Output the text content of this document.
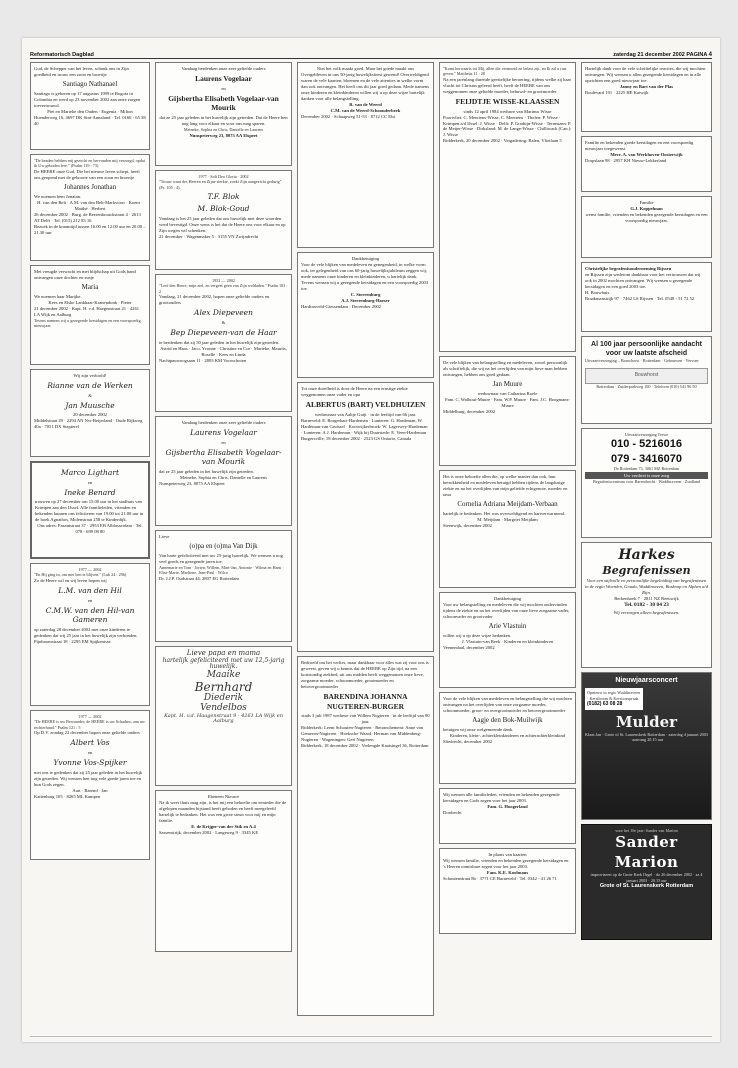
Reformatorisch Dagblad	zaterdag 21 december 2002 PAGINA 4
God, de Schepper van het leven, schonk ons in Zijn goedheid en trouw een zoon en broertje
Santiago Nathanael
Santiago is geboren op 17 augustus 1999 te Bogota in Colombia en werd op 23 november 2002 aan onze zorgen toevertrouwd.
Piet en Marieke den Ouden · Eugenia · Milton
Hoenderweg 16, 4697 DK Sint-Annaland · Tel. 0166 - 65 38 40
"De beaden hebben mij gezocht en hervonden mij verzorgd, opdat ik Uw geboden lere." (Psalm 119 : 73)
De HEERE onze God, Die het nieuwe leven schept, heeft ons geopend met de geboorte van een zoon en broertje
Johannes Jonathan
We noemen hem Jonatan.
H. van den Belt · A.M. van den Belt-Markvoort · Koenr · Matthé · Herbert
26 december 2002 · Burg. de Beerenbrouckstraat 4 · 2613 AT Delft · Tel. (015) 212 83 16
Bezoek in de kraamtijd tussen 16.00 en 12.00 uur en 20.00 – 21.30 uur
Met vreugde verwacht en met blijdschap uit Gods hand ontvangen onze dochter en zusje
Maria
We noemen haar Marijke.
Kees en Elske Lankhaar-Kranendonk · Pieter
21 december 2002 · Kapt. H. v.d. Haegenstraat 21 · 4261 LA Wijk en Aalburg
Tevens namens wij u gezegende kerstdagen en een voorspoedig nieuwjaar.
Wij zijn verloofd!
Rianne van de Werken
&
Jan Muusche
20 december 2002
Middelstraat 29 · 2294 AN Nw-Beijerland · Oude Rijkweg 40a · 7051 DX Stapterel
Marco Ligthart
en
Ineke Benard
trouwen op 27 december om 15.00 uur in het stadhuis van Krimpen aan den IJssel. Alle familieleden, vrienden en bekenden kunnen ons feliciteren van 19.00 tot 21.00 uur in de hoek Agnathos, Molenstraat 258 te Kinderdijk.
Ons adres: Fazantstraat 37 · 2953 EB Alblasserdam · Tel. 078 - 699 08 80
1977 — 2002
"En Hij ging in, om met hen te blijven." (Luk 24 : 29b)
Zo de Heere wil en wij leven hopen wij
L.M. van den Hil
en
C.M.W. van den Hil-van Gameren
op zaterdag 28 december 2002 met onze kinderen te gedenken dat wij 25 jaar in het huwelijk zijn verbonden.
Pijnboomstraat 18 · 2295 EM Spijkenisse
1977 — 2002
"De HEERE is uw Bewaarder, de HEERE is uw Schaduw, aan uw rechterhand." Psalm 121 : 5
Op D.V. zondag 22 december hopen onze geliefde ouders
Albert Vos
en
Yvonne Vos-Spijker
met ons te gedenken dat zij 25 jaar geleden in het huwelijk zijn getreden. Wij wensen hen nog vele goede jaren toe en hun Gods zegen.
Aart · Barend · Jan
Kattenburg 105 · 8265 ML Kampen
Vandaag herdenken onze zeer geliefde ouders
Laurens Vogelaar
en
Gijsbertha Elisabeth Vogelaar-van Mourik
dat ze 25 jaar geleden in het huwelijk zijn getreden. Dat de Heere hen nog lang voor elkaar en voor ons mag sparen.
Meineke, Sophia en Chris, Danielle en Laurens
Nunspeterweg 23, 8075 AA Elspeet
1977 · Soli Deo Gloria · 2002
"Trouw want des Heeren en Zijne sterkte, zoekt Zijn aangezicht gedurig" (Ps. 105 : 4)
T.F. Blok
M. Blok-Goud
Vandaag is het 25 jaar geleden dat ons huwelijk met deze woorden werd bevestigd. Onze wens is het dat de Heere ons voor elkaar en op Zijn wegen wil schenken.
21 december · Wagenmaker 5 · 3155 VN Zwijndrecht
1952 — 2002
"Leef den Heere, mijn ziel, en vergeet geen van Zijn weldaden." Psalm 103 : 2
Vandaag, 21 december 2002, hopen onze geliefde ouders en grootouders
Alex Diepeveen
&
Bep Diepeveen-van de Haar
te herdenken dat zij 50 jaar geleden in het huwelijk zijn getreden.
Astrid en Hans · Jaco, Yvonne · Christine en Cor · Marieke, Maurits, Roselle · Kees en Linda
Nachtpauwoogsaan 11 · 2803 KM Voorschoten
Vandaag herdenken onze zeer geliefde ouders
Laurens Vogelaar
en
Gijsbertha Elisabeth Vogelaar-van Mourik
dat ze 25 jaar geleden in het huwelijk zijn getreden.
Meineke, Sophia en Chris, Danielle en Laurens
Nunspeterweg 23, 8075 AA Elspeet
Lieve
(o)pa en (o)ma Van Dijk
Van harte gefeliciteerd met uw 25-jarig huwelijk. We wensen u nog veel goeds en gezegende jaren toe.
Annemarie en Tom · Jorien, Willem, Mart-Jan, Antonie · Wilma en Hans · Elise-Marie, Marliene, Jean-Paul · Wilco
Dr. J.J.P. Oudstraat 44, 2807 EG Rotterdam
Lieve papa en mama
hartelijk gefeliciteerd met uw 12,5-jarig huwelijk.
Maaike
Bernhard
Diederik
Vendelbos
Kapt. H. v.d. Haagenstraat 9 · 4261 LA Wijk en Aalburg
Ebeneen Nieuwe
Na ik weer thuis mag zijn, is het mij een behoefte om eenieder die de afgelopen maanden bijstand heeft geboden en heeft meegeleefd hartelijk te bedanken. Het was een grote steun voor mij en mijn familie.
E. de Krijger-van der Stik en A.4
Sassenstrijk, december 2002 · Langeweg 9 · 3345 KE
Niet het volk maakt goed, Maar het goede maakt ons
Overgebleven in ons 50-jarig huwelijksfeest gewend! Overweldigend waren de vele kaarten, bloemen en de vele attenties in welke vorm dan ook ontvangen. Het heeft ons dit jaar goed gedaan. Mede namens onze kinderen en kleinkinderen willen wij u op deze wijze hartelijk danken voor alle belangstelling.
R. van de Weerd
C.M. van de Weerd-Schoonderbeek
December 2002 · Schaapweg 51-53 · 8712 CC Elst
Dankbetuiging
Voor de vele blijken van medeleven en genegenheid, in welke vorm ook, ter gelegenheid van ons 60-jarig huwelijksjubileum zeggen wij, mede namens onze kinderen en kleinkinderen, u hartelijk dank. Tevens wensen wij u gezegende kerstdagen en een voorspoedig 2003 toe.
C. Sterrenburg
A.J. Sterrenburg-Haeser
Hardinxveld-Giessendam · December 2002
Tot onze droefheid is door de Heere na een ernstige ziekte weggenomen onze vader en opa
ALBERTUS (BART) VELDHUIZEN
weduwnaar van Aaltje Guijt · in de leeftijd van 66 jaar.
Barneveld: E. Borgerhart-Hardeman · Lunteren: G. Hardeman, W. Hardeman-van Gruissel · Kootwijkerbroek: W. Lagerwey-Hardeman · Lunteren: A.J. Hardeman · Wijk bij Duurstede: E. Veen-Hardeman
Burgersville, 18 december 2002 · 2523 GS Ontario, Canada
Bedroefd om het verlies, maar dankbaar voor alles wat zij voor ons is geweest, geven wij u kennis dat de HEERE op Zijn tijd, na een kortstondig ziekbed, uit ons midden heeft weggenomen onze lieve, zorgzame moeder, schoonmoeder, grootmoeder en betovergrootmoeder
BARENDINA JOHANNA NUGTEREN-BURGER
sinds 3 juli 1987 weduwe van Willem Nugteren · in de leeftijd van 90 jaar.
Ridderkerk: Leeni Schouten-Nugteren · Retranchement: Anne van Gemeren-Nugteren · Hoeksche Waard: Herman van Middenberg-Nugteren · Wageningen: Gert Nugteren
Ridderkerk, 18 december 2002 · Verlengde Kaatsingel 36, Rotterdam
"Komt herwaarts tot Mij, allen die vermoeid en belast zijt, en Ik zal u rust geven." Mattheüs 11 : 28
Na een jarenlang durende geestelijke beroering, tijdens welke zij haar vlucht tot Christus geleerd heeft, heeft de HEERE van ons weggenomen onze geliefde moeder, behuwd- en grootmoeder
FEIJDTJE WISSE-KLAASSEN
sinds 12 april 1984 weduwe van Marinus Wisse
Poortvliet: C. Meertens-Wisse, C. Meertens · Tholen: P. Wisse · Krimpen a/d IJssel: J. Wisse · Delft: P. Gradtijn-Wisse · Terneuzen: P. de Meijer-Wisse · Dirksland: M. de Lange-Wisse · Chilliwack (Can.): J. Wisse
Ridderkerk, 20 december 2002 · Vergadering: Balen, Vlietlaan 5
De vele blijken van belangstelling en medeleven, zowel persoonlijk als schriftelijk, die wij na het overlijden van mijn lieve man hebben ontvangen, hebben ons goed gedaan.
Jan Muure
weduwnaar van Catharina Roele
Fam. C. Walhout-Muure · Fam. W.P. Muure · Fam. J.C. Hoogmans-Muure
Middelburg, december 2002
Het is onze behoefte allen die, op welke manier dan ook, hun betrokkenheid en medeleven betuigd hebben tijdens de langdurige ziekte en na het overlijden van mijn geliefde echtgenote, moeder en oma
Cornelia Adriana Meijdam-Verbaan
hartelijk te bedanken. Het was overweldigend en hartverwarmend.
M. Meijdam · Margriet Meijdam
Steenwijk, december 2002
Dankbetuiging
Voor uw belangstelling en medeleven die wij mochten ondervinden tijdens de ziekte en na het overlijden van onze lieve zorgzame vader, schoonvader en grootvader
Arie Vlastuin
willen wij u op deze wijze bedanken.
J. Vlastuin-van Beek · Kinderen en kleinkinderen
Veenendaal, december 2002
Voor de vele blijken van medeleven en belangstelling die wij mochten ontvangen na het overlijden van onze zorgzame moeder, schoonmoeder, groot- en overgrootmoeder en betovergrootmoeder
Aagje den Bok-Muilwijk
betuigen wij onze welgemeende dank.
Kinderen, klein-, achterkleinkinderen en achterachterkleinkind
Sliedrecht, december 2002
Wij wensen alle familieleden, vrienden en bekenden gezegende kerstdagen en Gods zegen voor het jaar 2003.
Fam. G. Hoogerland
Dordrecht
In plaats van kaarten
Wij wensen familie, vrienden en bekenden gezegende kerstdagen en 's Heeren onmisbare zegen voor het jaar 2003.
Fam. K.E. Koolmans
Schoutenstraat 8b · 3771 CE Barneveld · Tel. 0342 - 41 26 71
Hartelijk dank voor de vele schriftelijke reacties, die wij mochten ontvangen. Wij wensen u allen gezegende kerstdagen en in alle opzichten een goed nieuwjaar toe.
Janny en Bart van der Plas
Boulevard 101 · 2225 HE Katwijk
Familie en bekenden goede kerstdagen en een voorspoedig nieuwjaar toegewenst.
Mevr. A. van Werkhoven-Oosterwijk
Dorpslaan 98 · 2957 KH Nieuw-Lekkerland
Familie
G.J. Koppelman
wenst familie, vrienden en bekenden gezegende kerstdagen en een voorspoedig nieuwjaar.
Christelijke begrafenisonderneming Rijssen
en Rijssen zijn wederom dankbaar voor het vertrouwen dat wij ook in 2002 mochten ontvangen. Wij wensen u gezegende kerstdagen en een goed 2003 toe.
H. Bouwhuis
Braakmanstrijk 97 · 7462 LS Rijssen · Tel. 0548 - 51 72 52
Al 100 jaar persoonlijke aandacht voor uw laatste afscheid
Uitvaartverzorging – Bouwhorst · Rotterdam · Gebouwen · Vervoer
Bouwhorst
Rotterdam · Zuiderparkweg 100 · Telefoon (010) 541 96 50
Uitvaartverzorging Terwe
010 - 5216016
079 - 3416070
De Rotterdam 73, 3061 MZ Rotterdam
Uw verdriet is onze zorg
Begrafeniscentrum voor Barendrecht · Waddinxveen · Zuidland
Harkes
Begrafenissen
Voor een stijlvolle en persoonlijke begeleiding van begrafenissen in de regio Woerden, Gouda, Waddinxveen, Boskoop en Alphen a/d Rijn.
Berkenhoek 7 · 2811 NZ Reeuwijk
Tel. 0182 - 30 04 23
Wij verzorgen alleen begrafenissen.
Nieuwjaarsconcert
Opnieuw in regio Waddinxveen · Kerstboom & Kersttoespraak
(0182) 63 08 28
Mulder
Klaas Jan · Grote of St. Laurenskerk Rotterdam · zaterdag 4 januari 2003 · aanvang 20.15 uur
voor het 10e jaar: Sander van Marion
Sander
Marion
improviseert op de Grote Kerk Orgel · do 26 december 2002 · za 4 januari 2003 · 20.15 uur
Grote of St. Laurenskerk Rotterdam
